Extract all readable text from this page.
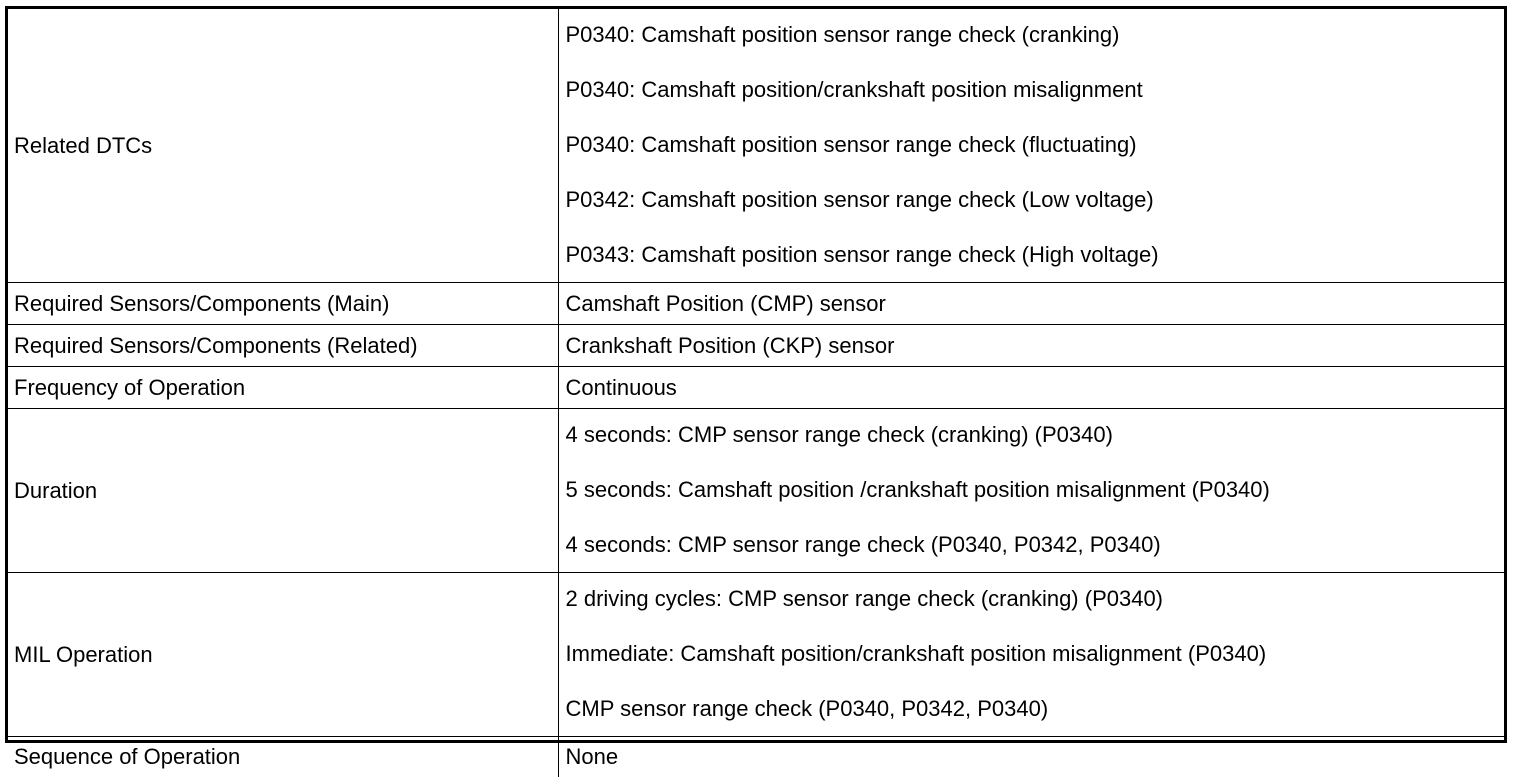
Related DTCs	P0340: Camshaft position sensor range check (cranking)
P0340: Camshaft position/crankshaft position misalignment
P0340: Camshaft position sensor range check (fluctuating)
P0342: Camshaft position sensor range check (Low voltage)
P0343: Camshaft position sensor range check (High voltage)

Required Sensors/Components (Main)	Camshaft Position (CMP) sensor
Required Sensors/Components (Related)	Crankshaft Position (CKP) sensor
Frequency of Operation	Continuous
Duration	4 seconds: CMP sensor range check (cranking) (P0340)
5 seconds: Camshaft position /crankshaft position misalignment (P0340)
4 seconds: CMP sensor range check (P0340, P0342, P0340)

MIL Operation	2 driving cycles: CMP sensor range check (cranking) (P0340)
Immediate: Camshaft position/crankshaft position misalignment (P0340)
CMP sensor range check (P0340, P0342, P0340)

Sequence of Operation	None
